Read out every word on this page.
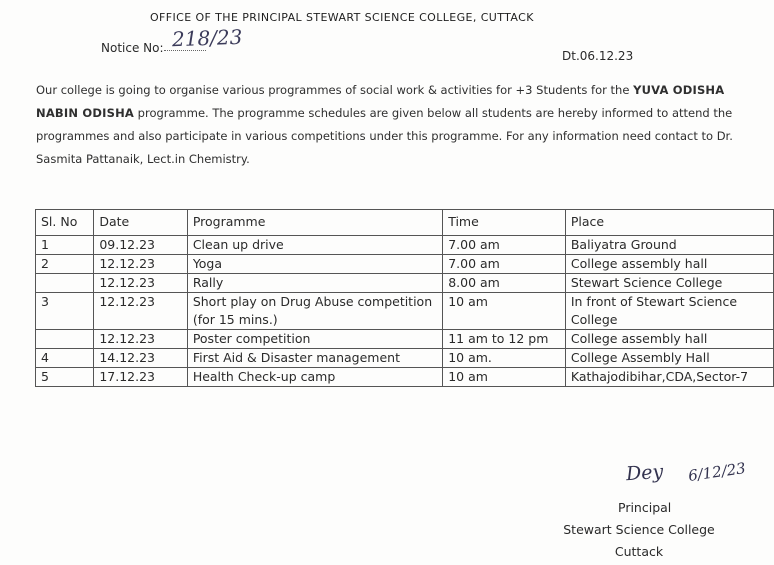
OFFICE OF THE PRINCIPAL STEWART SCIENCE COLLEGE, CUTTACK
Notice No: 218/23
Dt.06.12.23
Our college is going to organise various programmes of social work & activities for +3 Students for the YUVA ODISHA NABIN ODISHA programme. The programme schedules are given below all students are hereby informed to attend the programmes and also participate in various competitions under this programme. For any information need contact to Dr. Sasmita Pattanaik, Lect.in Chemistry.
Sl. No	Date	Programme	Time	Place
1	09.12.23	Clean up drive	7.00 am	Baliyatra Ground
2	12.12.23	Yoga	7.00 am	College assembly hall
	12.12.23	Rally	8.00 am	Stewart Science College
3	12.12.23	Short play on Drug Abuse competition (for 15 mins.)	10 am	In front of Stewart Science College
	12.12.23	Poster competition	11 am to 12 pm	College assembly hall
4	14.12.23	First Aid & Disaster management	10 am.	College Assembly Hall
5	17.12.23	Health Check-up camp	10 am	Kathajodibihar,CDA,Sector-7
Dey 6/12/23
Principal
Stewart Science College
Cuttack
